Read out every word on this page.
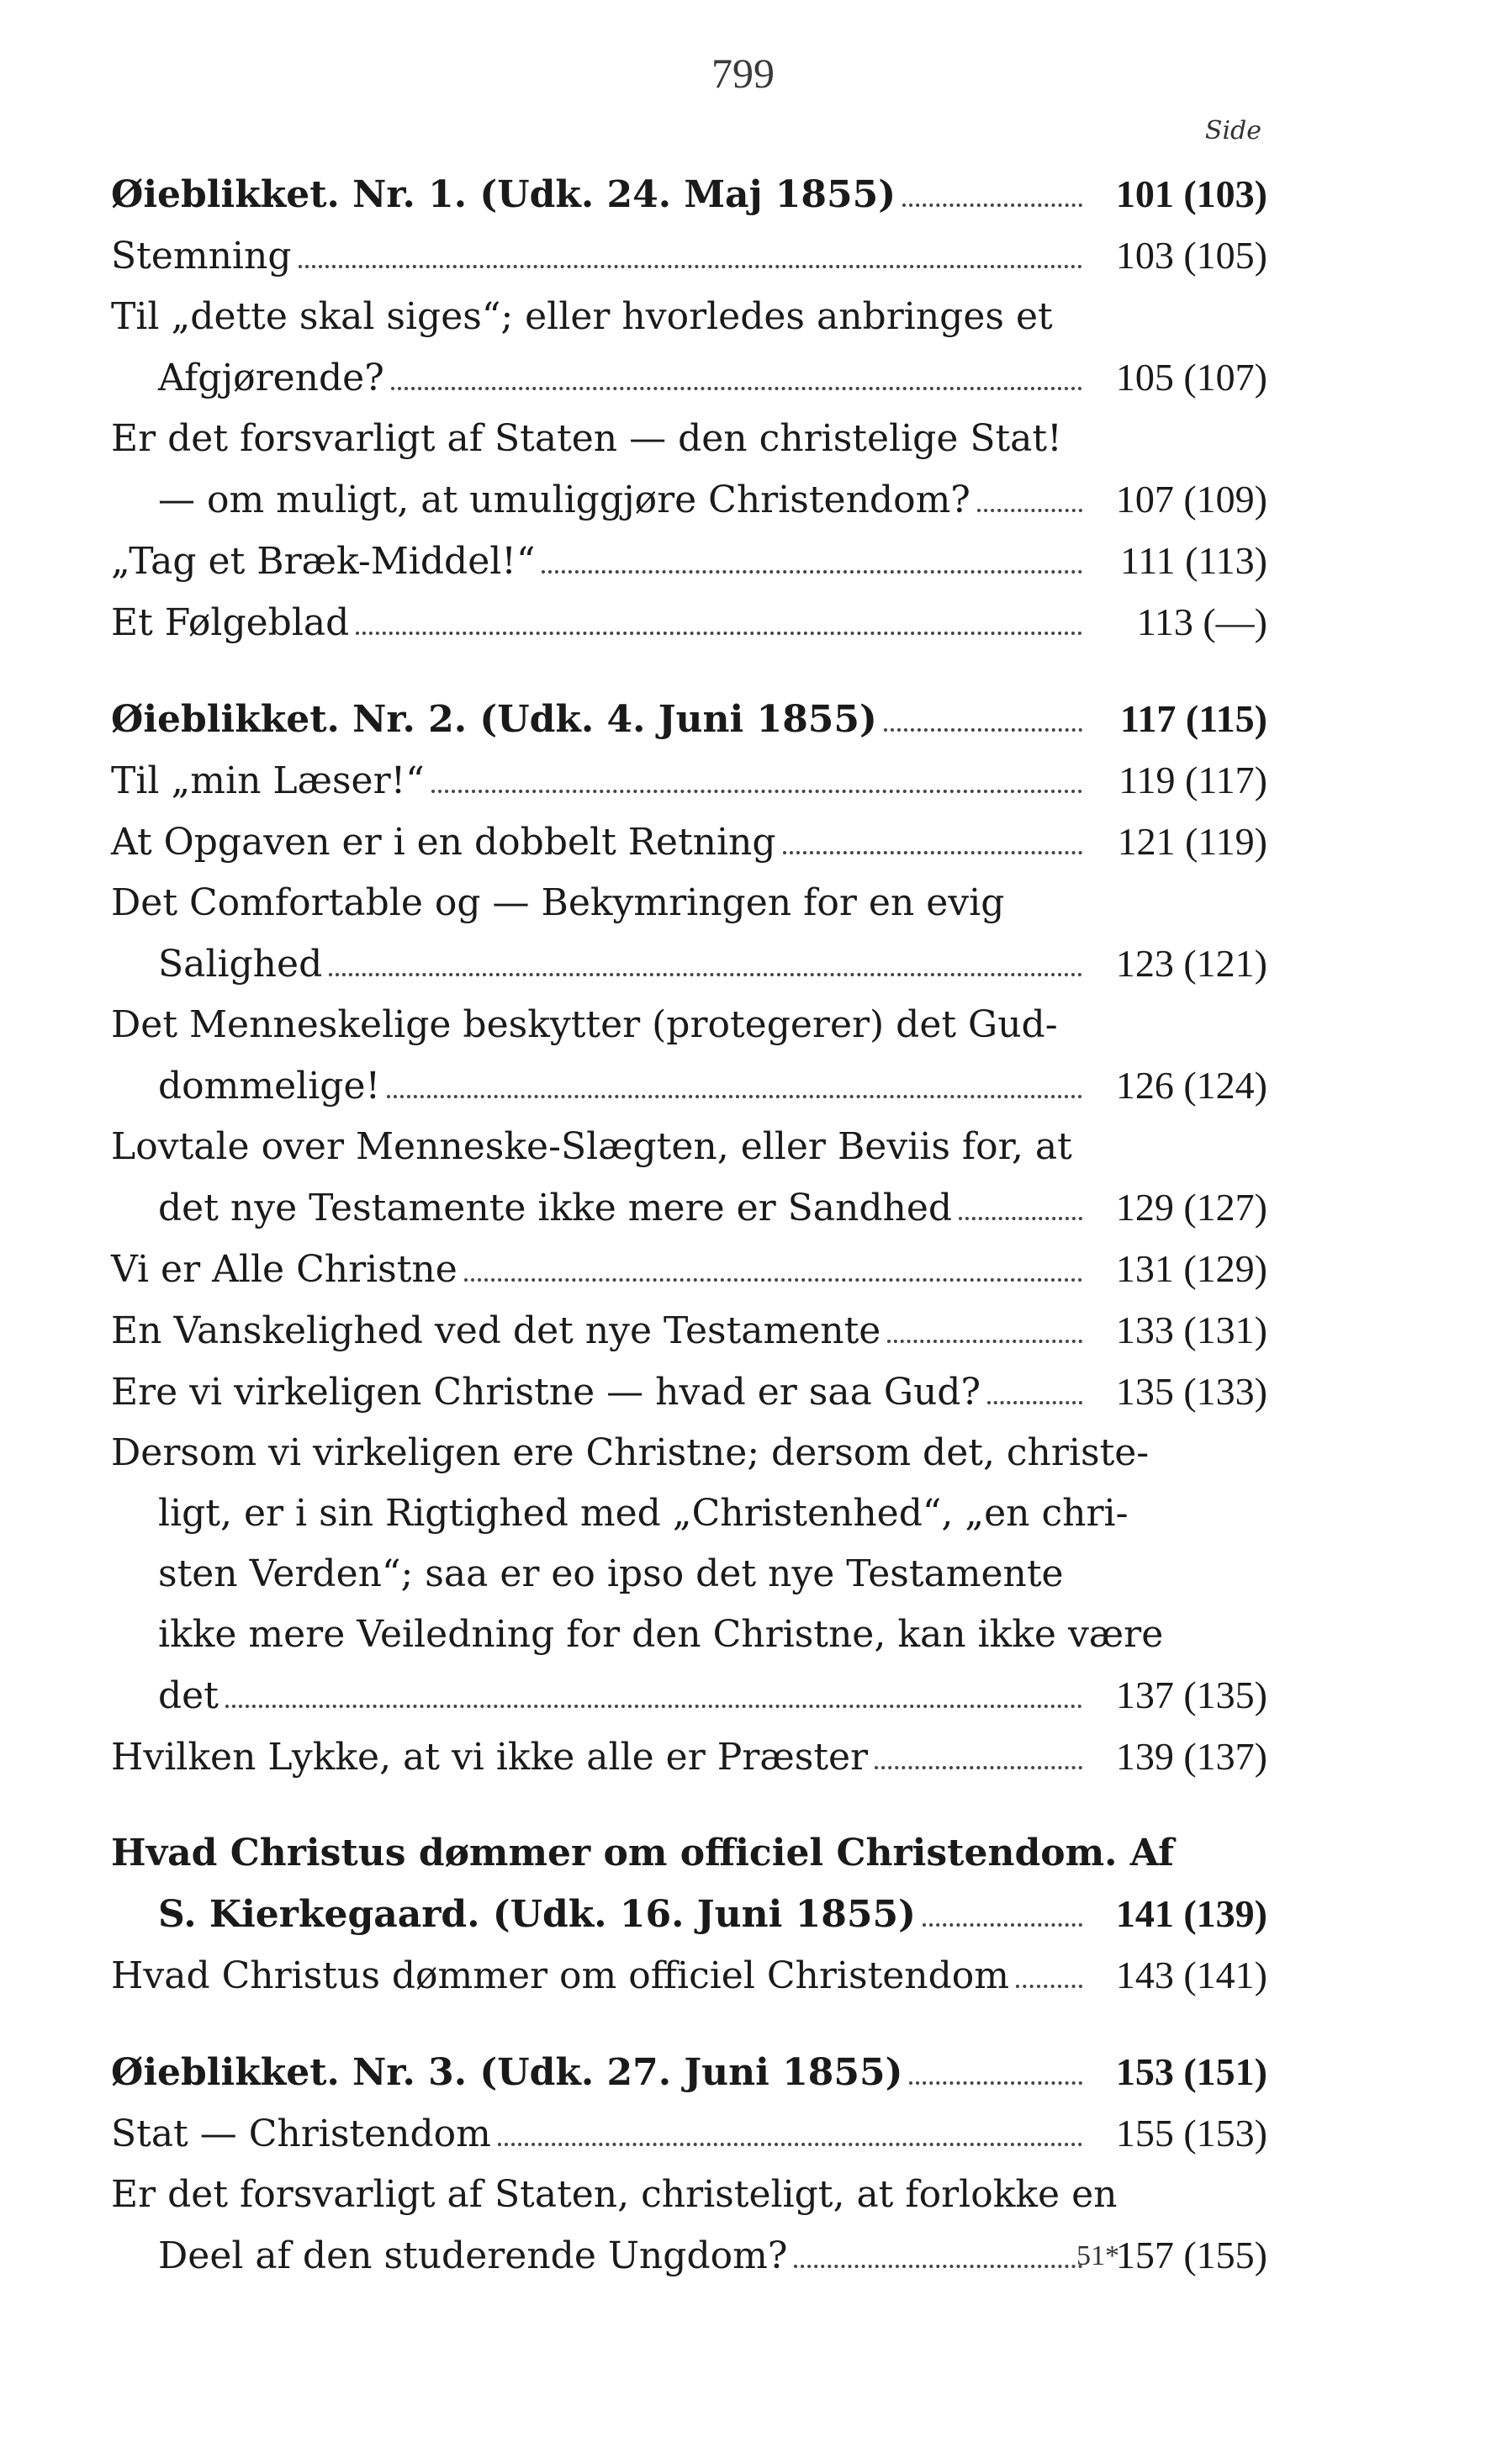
799
Side
Øieblikket. Nr. 1. (Udk. 24. Maj 1855)	101 (103)
Stemning	103 (105)
Til „dette skal siges“; eller hvorledes anbringes et
Afgjørende?	105 (107)
Er det forsvarligt af Staten — den christelige Stat!
— om muligt, at umuliggjøre Christendom?	107 (109)
„Tag et Bræk-Middel!“	111 (113)
Et Følgeblad	113 (—)
Øieblikket. Nr. 2. (Udk. 4. Juni 1855)	117 (115)
Til „min Læser!“	119 (117)
At Opgaven er i en dobbelt Retning	121 (119)
Det Comfortable og — Bekymringen for en evig
Salighed	123 (121)
Det Menneskelige beskytter (protegerer) det Gud-
dommelige!	126 (124)
Lovtale over Menneske-Slægten, eller Beviis for, at
det nye Testamente ikke mere er Sandhed	129 (127)
Vi er Alle Christne	131 (129)
En Vanskelighed ved det nye Testamente	133 (131)
Ere vi virkeligen Christne — hvad er saa Gud?	135 (133)
Dersom vi virkeligen ere Christne; dersom det, christe-
ligt, er i sin Rigtighed med „Christenhed“, „en chri-
sten Verden“; saa er eo ipso det nye Testamente
ikke mere Veiledning for den Christne, kan ikke være
det	137 (135)
Hvilken Lykke, at vi ikke alle er Præster	139 (137)
Hvad Christus dømmer om officiel Christendom. Af
S. Kierkegaard. (Udk. 16. Juni 1855)	141 (139)
Hvad Christus dømmer om officiel Christendom	143 (141)
Øieblikket. Nr. 3. (Udk. 27. Juni 1855)	153 (151)
Stat — Christendom	155 (153)
Er det forsvarligt af Staten, christeligt, at forlokke en
Deel af den studerende Ungdom?	157 (155)
51*
